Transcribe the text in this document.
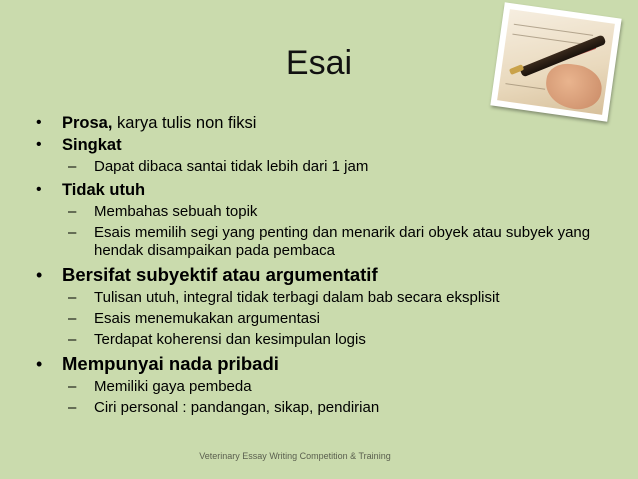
Esai
• Prosa, karya tulis non fiksi
• Singkat
– Dapat dibaca santai tidak lebih dari 1 jam
• Tidak utuh
– Membahas sebuah topik
– Esais memilih segi yang penting dan menarik dari obyek atau subyek yang hendak disampaikan pada pembaca
• Bersifat subyektif atau argumentatif
– Tulisan utuh, integral tidak terbagi dalam bab secara eksplisit
– Esais menemukakan argumentasi
– Terdapat koherensi dan kesimpulan logis
• Mempunyai nada pribadi
– Memiliki gaya pembeda
– Ciri personal : pandangan, sikap, pendirian
Veterinary Essay Writing Competition & Training
